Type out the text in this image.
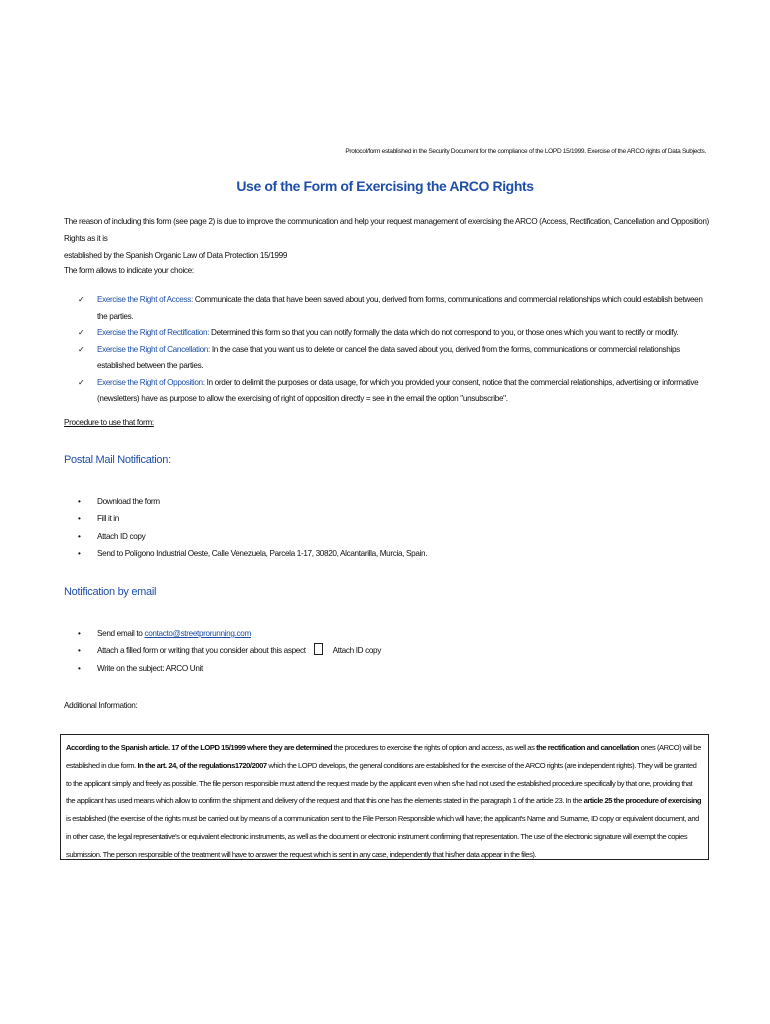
Protocol/form established in the Security Document for the compliance of the LOPD 15/1999. Exercise of the ARCO rights of Data Subjects.
Use of the Form of Exercising the ARCO Rights
The reason of including this form (see page 2) is due to improve the communication and help your request management of exercising the ARCO (Access, Rectification, Cancellation and Opposition) Rights as it is
established by the Spanish Organic Law of Data Protection 15/1999
The form allows to indicate your choice:
✓ Exercise the Right of Access: Communicate the data that have been saved about you, derived from forms, communications and commercial relationships which could establish between the parties.
✓ Exercise the Right of Rectification: Determined this form so that you can notify formally the data which do not correspond to you, or those ones which you want to rectify or modify.
✓ Exercise the Right of Cancellation: In the case that you want us to delete or cancel the data saved about you, derived from the forms, communications or commercial relationships established between the parties.
✓ Exercise the Right of Opposition: In order to delimit the purposes or data usage, for which you provided your consent, notice that the commercial relationships, advertising or informative (newsletters) have as purpose to allow the exercising of right of opposition directly = see in the email the option "unsubscribe".
Procedure to use that form:
Postal Mail Notification:
• Download the form
• Fill it in
• Attach ID copy
• Send to Polígono Industrial Oeste, Calle Venezuela, Parcela 1-17, 30820, Alcantarilla, Murcia, Spain.
Notification by email
• Send email to contacto@streetprorunning.com
• Attach a filled form or writing that you consider about this aspect	Attach ID copy
• Write on the subject: ARCO Unit
Additional Information:
According to the Spanish article. 17 of the LOPD 15/1999 where they are determined the procedures to exercise the rights of option and access, as well as the rectification and cancellation ones (ARCO) will be established in due form. In the art. 24, of the regulations1720/2007 which the LOPD develops, the general conditions are established for the exercise of the ARCO rights (are independent rights). They will be granted to the applicant simply and freely as possible. The file person responsible must attend the request made by the applicant even when s/he had not used the established procedure specifically by that one, providing that the applicant has used means which allow to confirm the shipment and delivery of the request and that this one has the elements stated in the paragraph 1 of the article 23. In the article 25 the procedure of exercising is established (the exercise of the rights must be carried out by means of a communication sent to the File Person Responsible which will have; the applicant's Name and Surname, ID copy or equivalent document, and in other case, the legal representative's or equivalent electronic instruments, as well as the document or electronic instrument confirming that representation. The use of the electronic signature will exempt the copies submission. The person responsible of the treatment will have to answer the request which is sent in any case, independently that his/her data appear in the files).
